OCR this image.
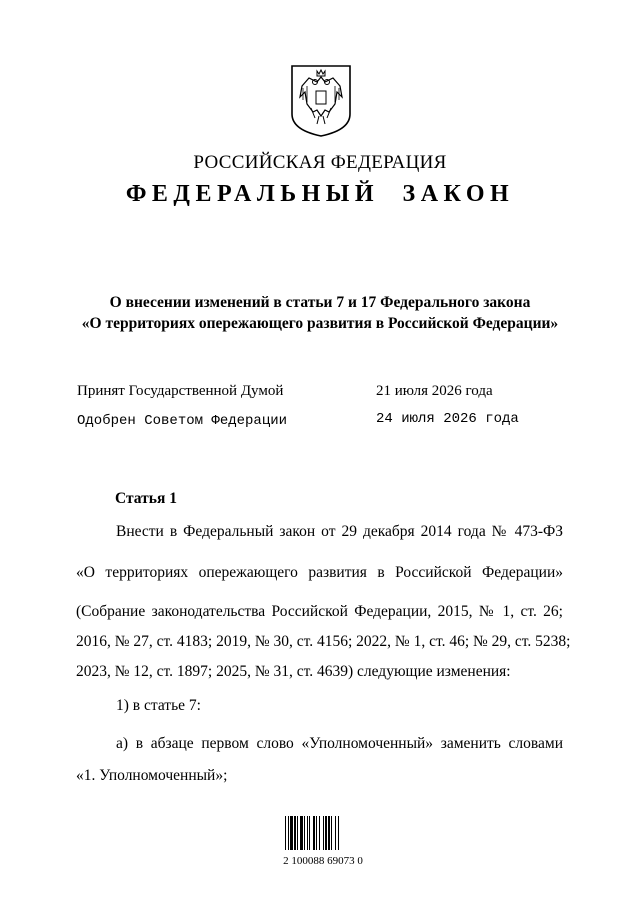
РОССИЙСКАЯ ФЕДЕРАЦИЯ
ФЕДЕРАЛЬНЫЙ ЗАКОН
О внесении изменений в статьи 7 и 17 Федерального закона
«О территориях опережающего развития в Российской Федерации»
Принят Государственной Думой	21 июля 2026 года
Одобрен Советом Федерации	24 июля 2026 года
Статья 1
Внести в Федеральный закон от 29 декабря 2014 года № 473-ФЗ
«О территориях опережающего развития в Российской Федерации»
(Собрание законодательства Российской Федерации, 2015, № 1, ст. 26;
2016, № 27, ст. 4183; 2019, № 30, ст. 4156; 2022, № 1, ст. 46; № 29, ст. 5238;
2023, № 12, ст. 1897; 2025, № 31, ст. 4639) следующие изменения:
1) в статье 7:
а) в абзаце первом слово «Уполномоченный» заменить словами
«1. Уполномоченный»;
2 100088 69073 0
